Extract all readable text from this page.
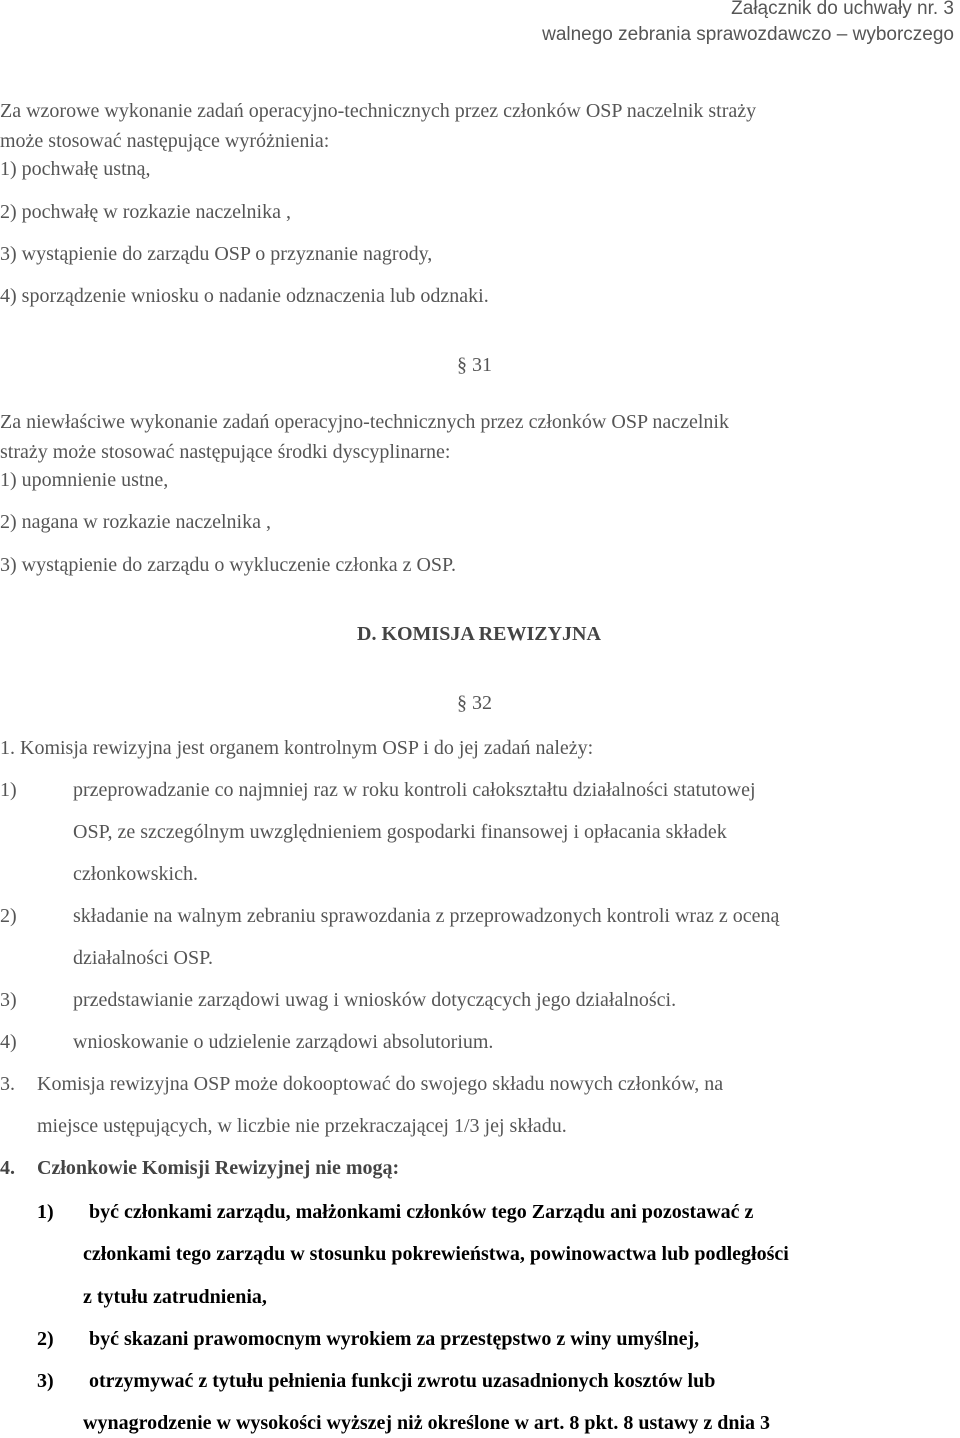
Załącznik do uchwały nr. 3
walnego zebrania sprawozdawczo – wyborczego
Za wzorowe wykonanie zadań operacyjno-technicznych przez członków OSP naczelnik straży
może stosować następujące wyróżnienia:
1) pochwałę ustną,
2) pochwałę w rozkazie naczelnika ,
3) wystąpienie do zarządu OSP o przyznanie nagrody,
4) sporządzenie wniosku o nadanie odznaczenia lub odznaki.
§ 31
Za niewłaściwe wykonanie zadań operacyjno-technicznych przez członków OSP naczelnik
straży może stosować następujące środki dyscyplinarne:
1) upomnienie ustne,
2) nagana w rozkazie naczelnika ,
3) wystąpienie do zarządu o wykluczenie członka z OSP.
D. KOMISJA REWIZYJNA
§ 32
1. Komisja rewizyjna jest organem kontrolnym OSP i do jej zadań należy:
1)	przeprowadzanie co najmniej raz w roku kontroli całokształtu działalności statutowej
OSP, ze szczególnym uwzględnieniem gospodarki finansowej i opłacania składek
członkowskich.
2)	składanie na walnym zebraniu sprawozdania z przeprowadzonych kontroli wraz z oceną
działalności OSP.
3)	przedstawianie zarządowi uwag i wniosków dotyczących jego działalności.
4)	wnioskowanie o udzielenie zarządowi absolutorium.
3. Komisja rewizyjna OSP może dokooptować do swojego składu nowych członków, na
miejsce ustępujących, w liczbie nie przekraczającej 1/3 jej składu.
4. Członkowie Komisji Rewizyjnej nie mogą:
1) być członkami zarządu, małżonkami członków tego Zarządu ani pozostawać z
członkami tego zarządu w stosunku pokrewieństwa, powinowactwa lub podległości
z tytułu zatrudnienia,
2) być skazani prawomocnym wyrokiem za przestępstwo z winy umyślnej,
3) otrzymywać z tytułu pełnienia funkcji zwrotu uzasadnionych kosztów lub
wynagrodzenie w wysokości wyższej niż określone w art. 8 pkt. 8 ustawy z dnia 3
